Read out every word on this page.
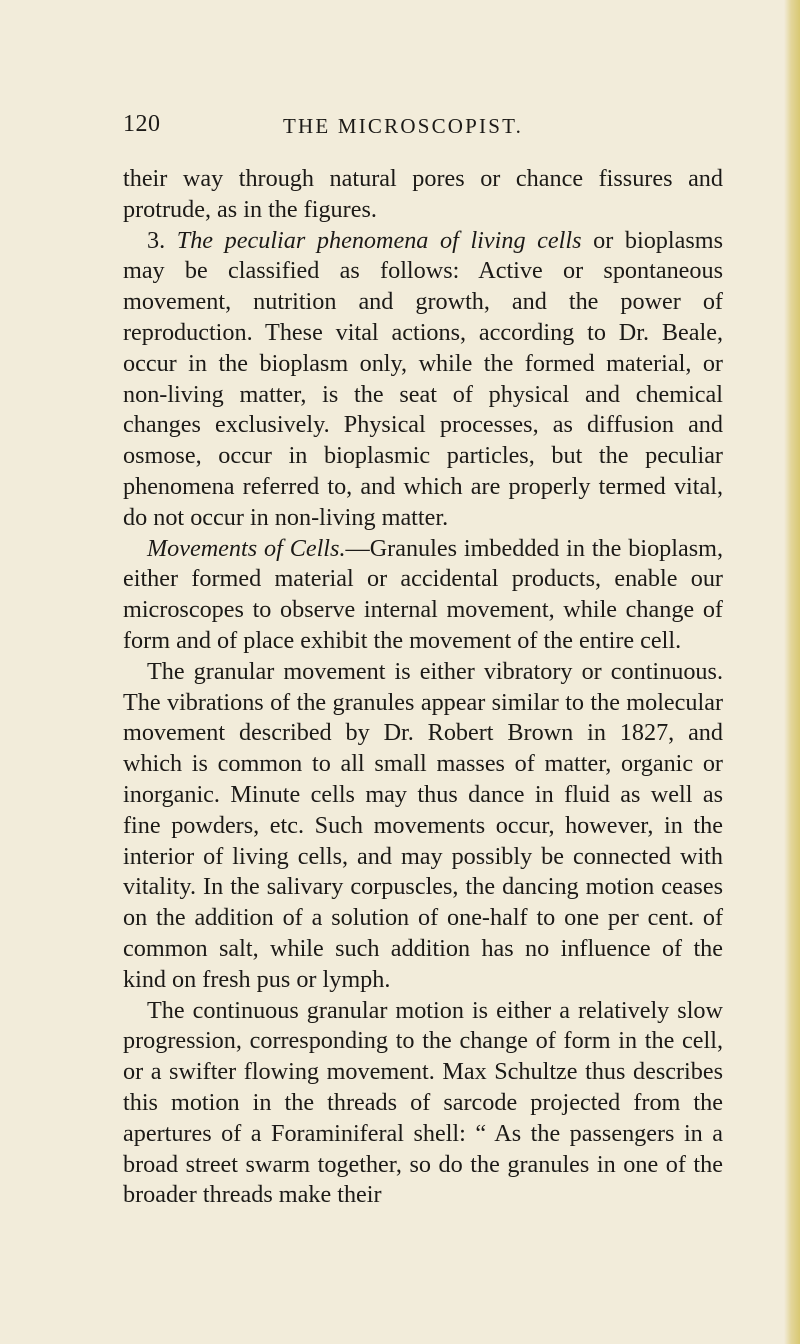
120	THE MICROSCOPIST.

their way through natural pores or chance fissures and protrude, as in the figures.

3. The peculiar phenomena of living cells or bioplasms may be classified as follows: Active or spontaneous movement, nutrition and growth, and the power of reproduction. These vital actions, according to Dr. Beale, occur in the bioplasm only, while the formed material, or non-living matter, is the seat of physical and chemical changes exclusively. Physical processes, as diffusion and osmose, occur in bioplasmic particles, but the peculiar phenomena referred to, and which are properly termed vital, do not occur in non-living matter.

Movements of Cells.—Granules imbedded in the bioplasm, either formed material or accidental products, enable our microscopes to observe internal movement, while change of form and of place exhibit the movement of the entire cell.

The granular movement is either vibratory or continuous. The vibrations of the granules appear similar to the molecular movement described by Dr. Robert Brown in 1827, and which is common to all small masses of matter, organic or inorganic. Minute cells may thus dance in fluid as well as fine powders, etc. Such movements occur, however, in the interior of living cells, and may possibly be connected with vitality. In the salivary corpuscles, the dancing motion ceases on the addition of a solution of one-half to one per cent. of common salt, while such addition has no influence of the kind on fresh pus or lymph.

The continuous granular motion is either a relatively slow progression, corresponding to the change of form in the cell, or a swifter flowing movement. Max Schultze thus describes this motion in the threads of sarcode projected from the apertures of a Foraminiferal shell: “ As the passengers in a broad street swarm together, so do the granules in one of the broader threads make their
